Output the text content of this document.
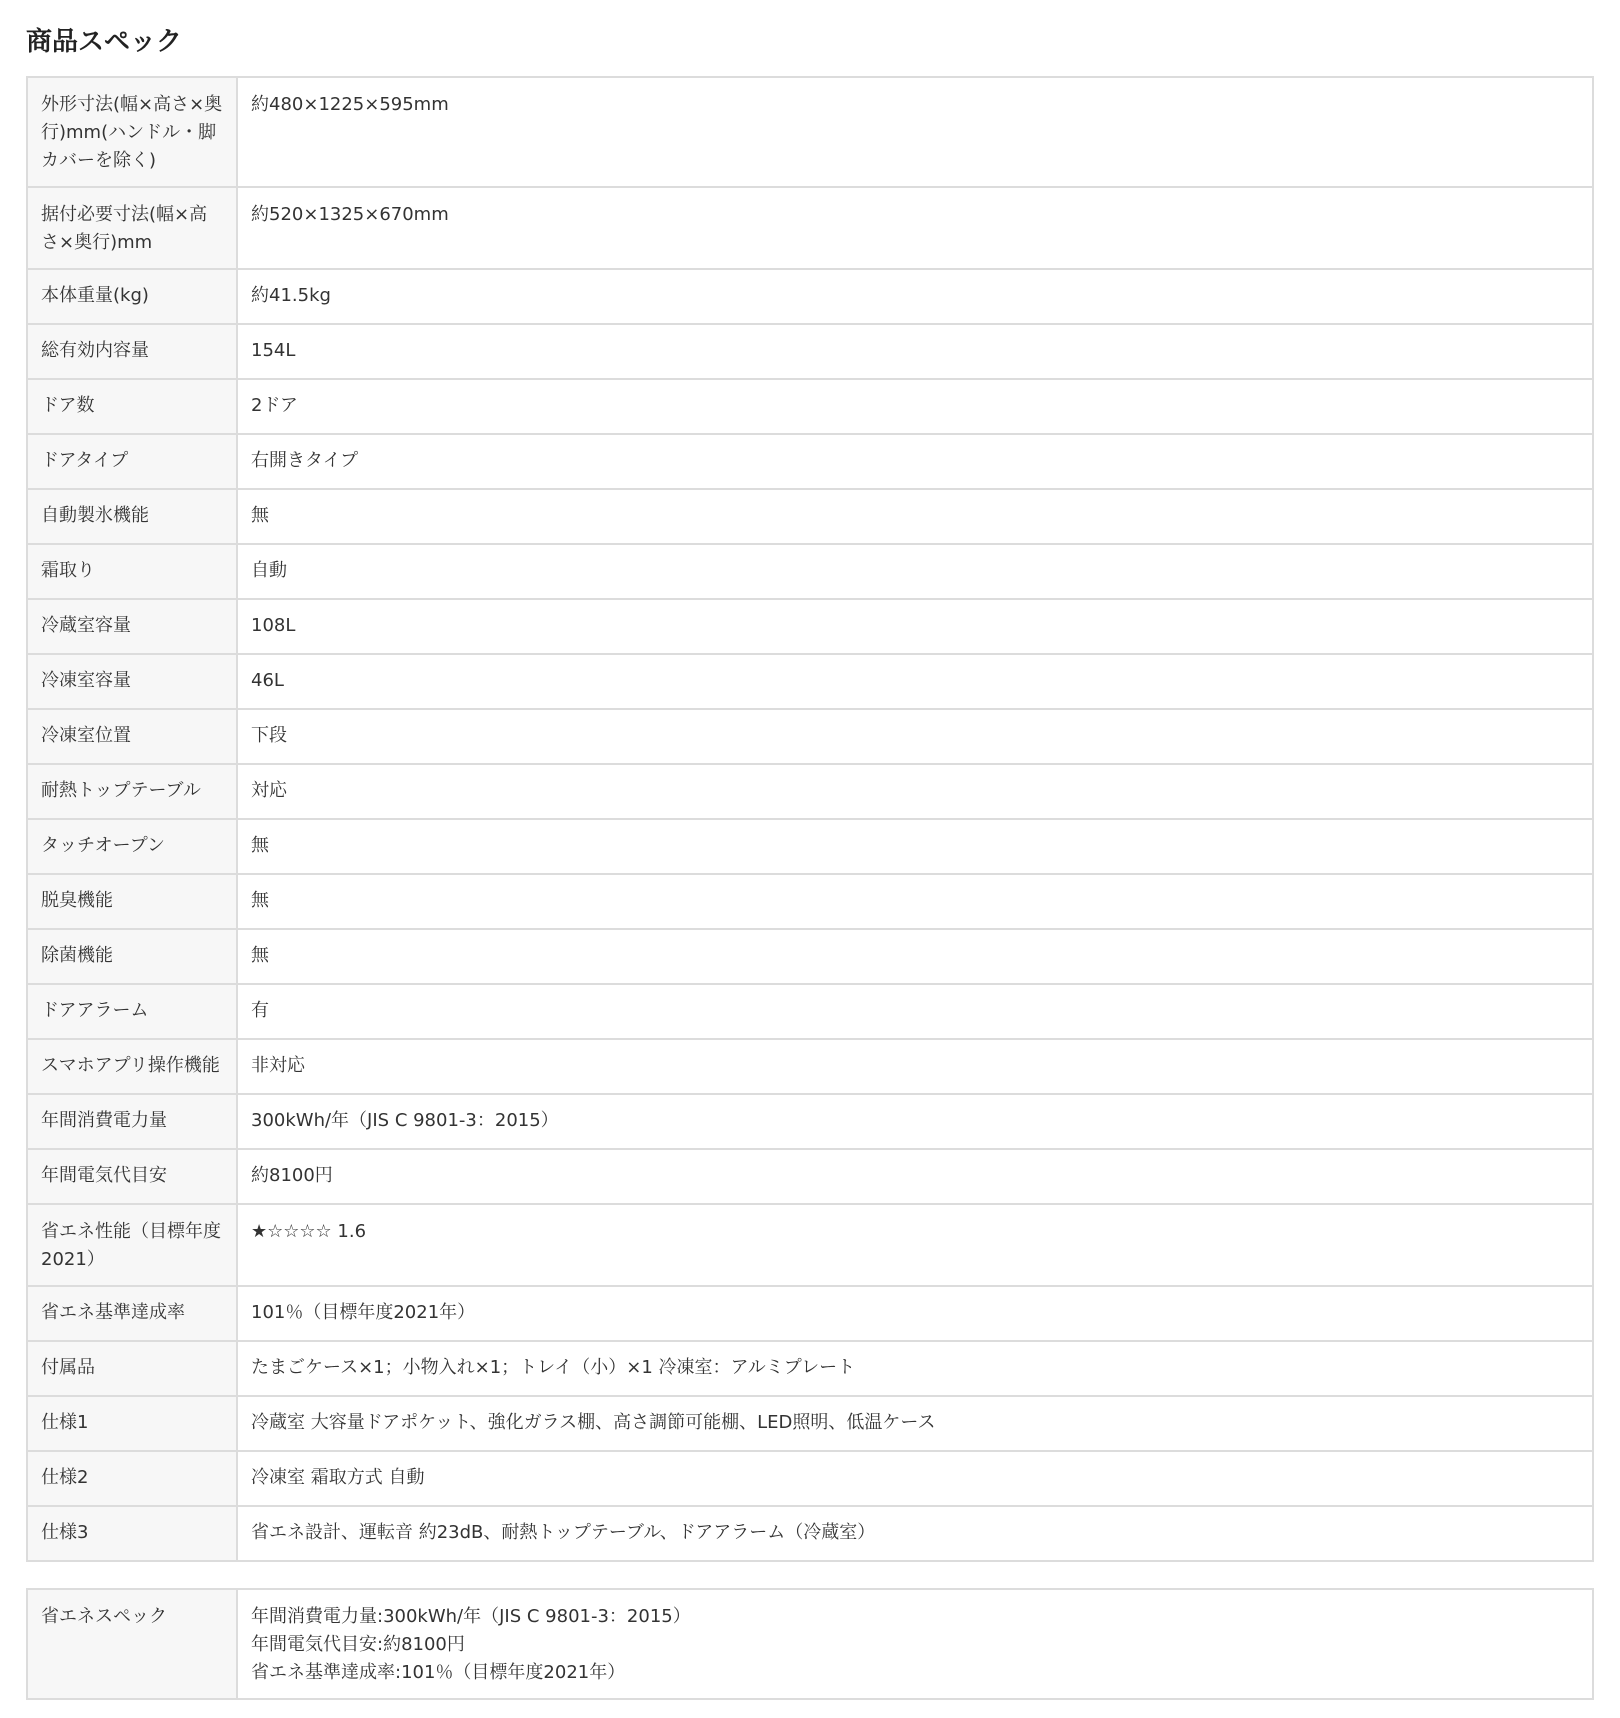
商品スペック
外形寸法(幅×高さ×奥行)mm(ハンドル・脚カバーを除く)	約480×1225×595mm
据付必要寸法(幅×高さ×奥行)mm	約520×1325×670mm
本体重量(kg)	約41.5kg
総有効内容量	154L
ドア数	2ドア
ドアタイプ	右開きタイプ
自動製氷機能	無
霜取り	自動
冷蔵室容量	108L
冷凍室容量	46L
冷凍室位置	下段
耐熱トップテーブル	対応
タッチオープン	無
脱臭機能	無
除菌機能	無
ドアアラーム	有
スマホアプリ操作機能	非対応
年間消費電力量	300kWh/年（JIS C 9801-3：2015）
年間電気代目安	約8100円
省エネ性能（目標年度2021）	★☆☆☆☆ 1.6
省エネ基準達成率	101％（目標年度2021年）
付属品	たまごケース×1；小物入れ×1；トレイ（小）×1 冷凍室：アルミプレート
仕様1	冷蔵室 大容量ドアポケット、強化ガラス棚、高さ調節可能棚、LED照明、低温ケース
仕様2	冷凍室 霜取方式 自動
仕様3	省エネ設計、運転音 約23dB、耐熱トップテーブル、ドアアラーム（冷蔵室）
省エネスペック	年間消費電力量:300kWh/年（JIS C 9801-3：2015）
年間電気代目安:約8100円
省エネ基準達成率:101％（目標年度2021年）
